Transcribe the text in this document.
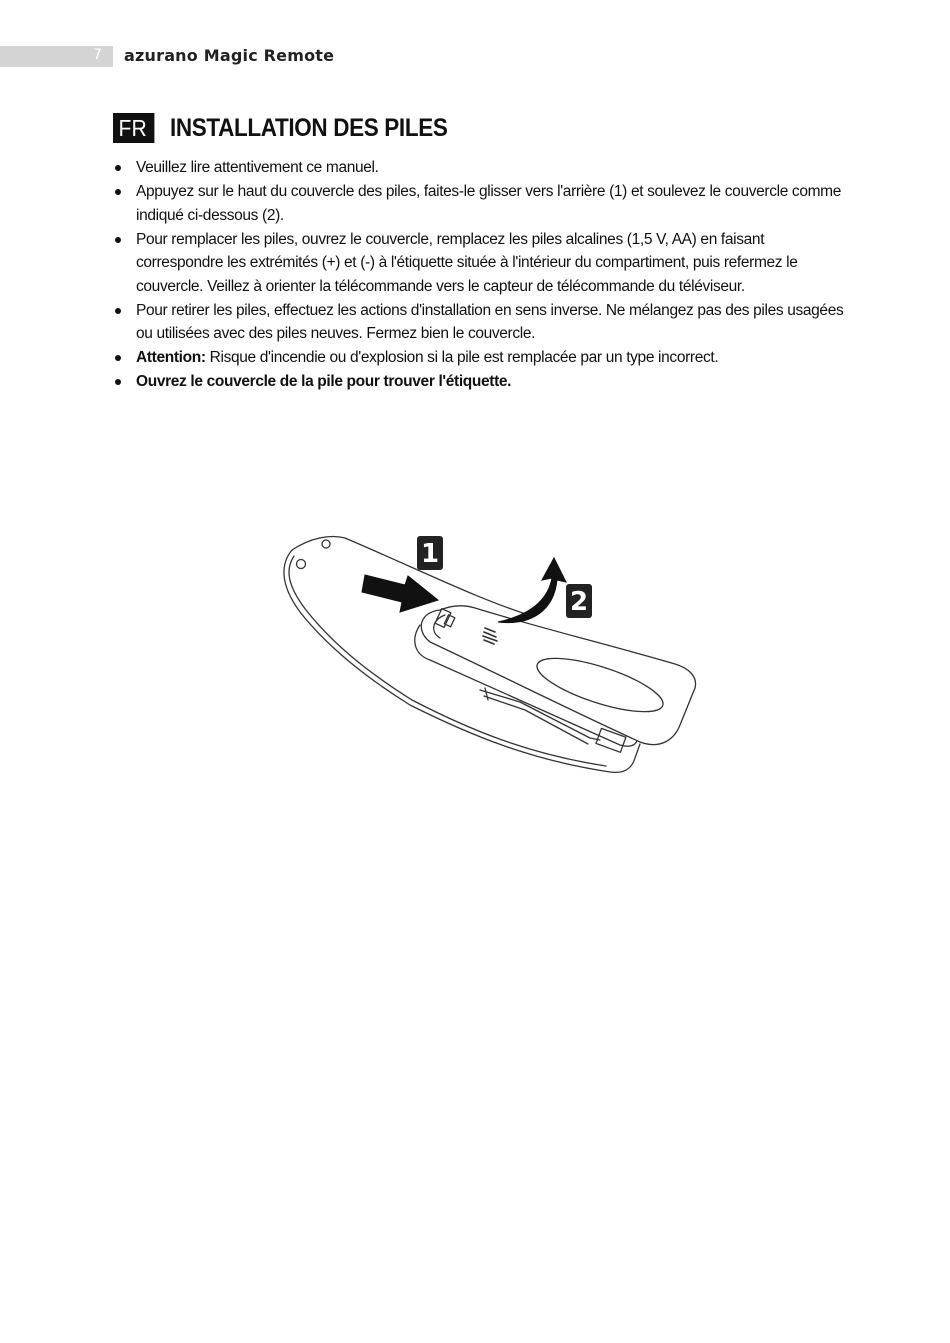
7 azurano Magic Remote
FR INSTALLATION DES PILES
Veuillez lire attentivement ce manuel.
Appuyez sur le haut du couvercle des piles, faites-le glisser vers l'arrière (1) et soulevez le couvercle comme indiqué ci-dessous (2).
Pour remplacer les piles, ouvrez le couvercle, remplacez les piles alcalines (1,5 V, AA) en faisant correspondre les extrémités (+) et (-) à l'étiquette située à l'intérieur du compartiment, puis refermez le couvercle. Veillez à orienter la télécommande vers le capteur de télécommande du téléviseur.
Pour retirer les piles, effectuez les actions d'installation en sens inverse. Ne mélangez pas des piles usagées ou utilisées avec des piles neuves. Fermez bien le couvercle.
Attention: Risque d'incendie ou d'explosion si la pile est remplacée par un type incorrect.
Ouvrez le couvercle de la pile pour trouver l'étiquette.
1
2
